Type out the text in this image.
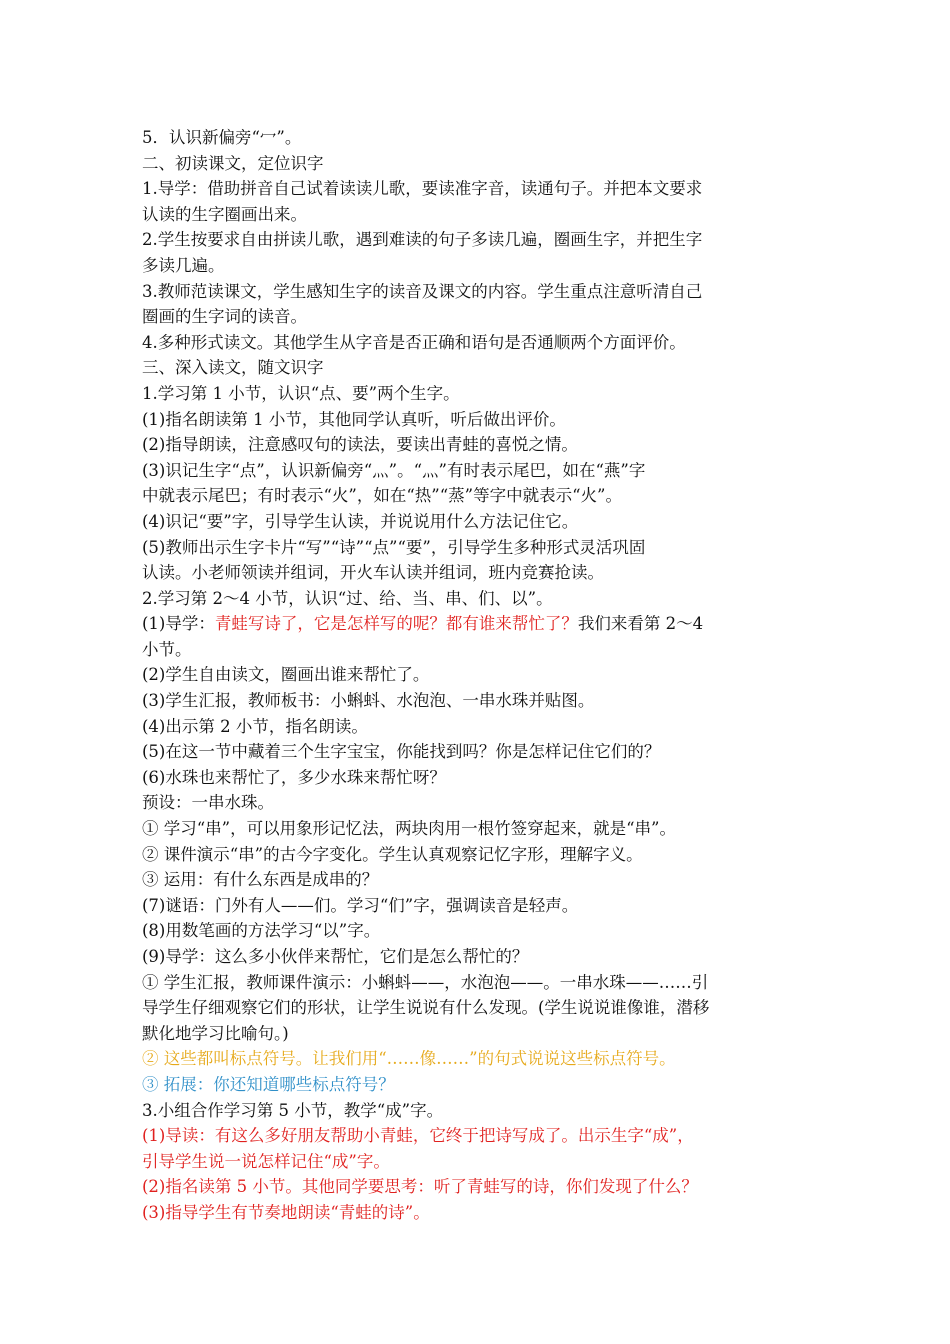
5．认识新偏旁“冖”。
二、初读课文，定位识字
1.导学：借助拼音自己试着读读儿歌，要读准字音，读通句子。并把本文要求
认读的生字圈画出来。
2.学生按要求自由拼读儿歌，遇到难读的句子多读几遍，圈画生字，并把生字
多读几遍。
3.教师范读课文，学生感知生字的读音及课文的内容。学生重点注意听清自己
圈画的生字词的读音。
4.多种形式读文。其他学生从字音是否正确和语句是否通顺两个方面评价。
三、深入读文，随文识字
1.学习第 1 小节，认识“点、要”两个生字。
(1)指名朗读第 1 小节，其他同学认真听，听后做出评价。
(2)指导朗读，注意感叹句的读法，要读出青蛙的喜悦之情。
(3)识记生字“点”，认识新偏旁“灬”。“灬”有时表示尾巴，如在“燕”字
中就表示尾巴；有时表示“火”，如在“热”“蒸”等字中就表示“火”。
(4)识记“要”字，引导学生认读，并说说用什么方法记住它。
(5)教师出示生字卡片“写”“诗”“点”“要”，引导学生多种形式灵活巩固
认读。小老师领读并组词，开火车认读并组词，班内竞赛抢读。
2.学习第 2～4 小节，认识“过、给、当、串、们、以”。
(1)导学：青蛙写诗了，它是怎样写的呢？都有谁来帮忙了？我们来看第 2～4
小节。
(2)学生自由读文，圈画出谁来帮忙了。
(3)学生汇报，教师板书：小蝌蚪、水泡泡、一串水珠并贴图。
(4)出示第 2 小节，指名朗读。
(5)在这一节中藏着三个生字宝宝，你能找到吗？你是怎样记住它们的？
(6)水珠也来帮忙了，多少水珠来帮忙呀？
预设：一串水珠。
① 学习“串”，可以用象形记忆法，两块肉用一根竹签穿起来，就是“串”。
② 课件演示“串”的古今字变化。学生认真观察记忆字形，理解字义。
③ 运用：有什么东西是成串的？
(7)谜语：门外有人——们。学习“们”字，强调读音是轻声。
(8)用数笔画的方法学习“以”字。
(9)导学：这么多小伙伴来帮忙，它们是怎么帮忙的？
① 学生汇报，教师课件演示：小蝌蚪——，水泡泡——。一串水珠——……引
导学生仔细观察它们的形状，让学生说说有什么发现。(学生说说谁像谁，潜移
默化地学习比喻句。)
② 这些都叫标点符号。让我们用“……像……”的句式说说这些标点符号。
③ 拓展：你还知道哪些标点符号？
3.小组合作学习第 5 小节，教学“成”字。
(1)导读：有这么多好朋友帮助小青蛙，它终于把诗写成了。出示生字“成”，
引导学生说一说怎样记住“成”字。
(2)指名读第 5 小节。其他同学要思考：听了青蛙写的诗，你们发现了什么？
(3)指导学生有节奏地朗读“青蛙的诗”。
